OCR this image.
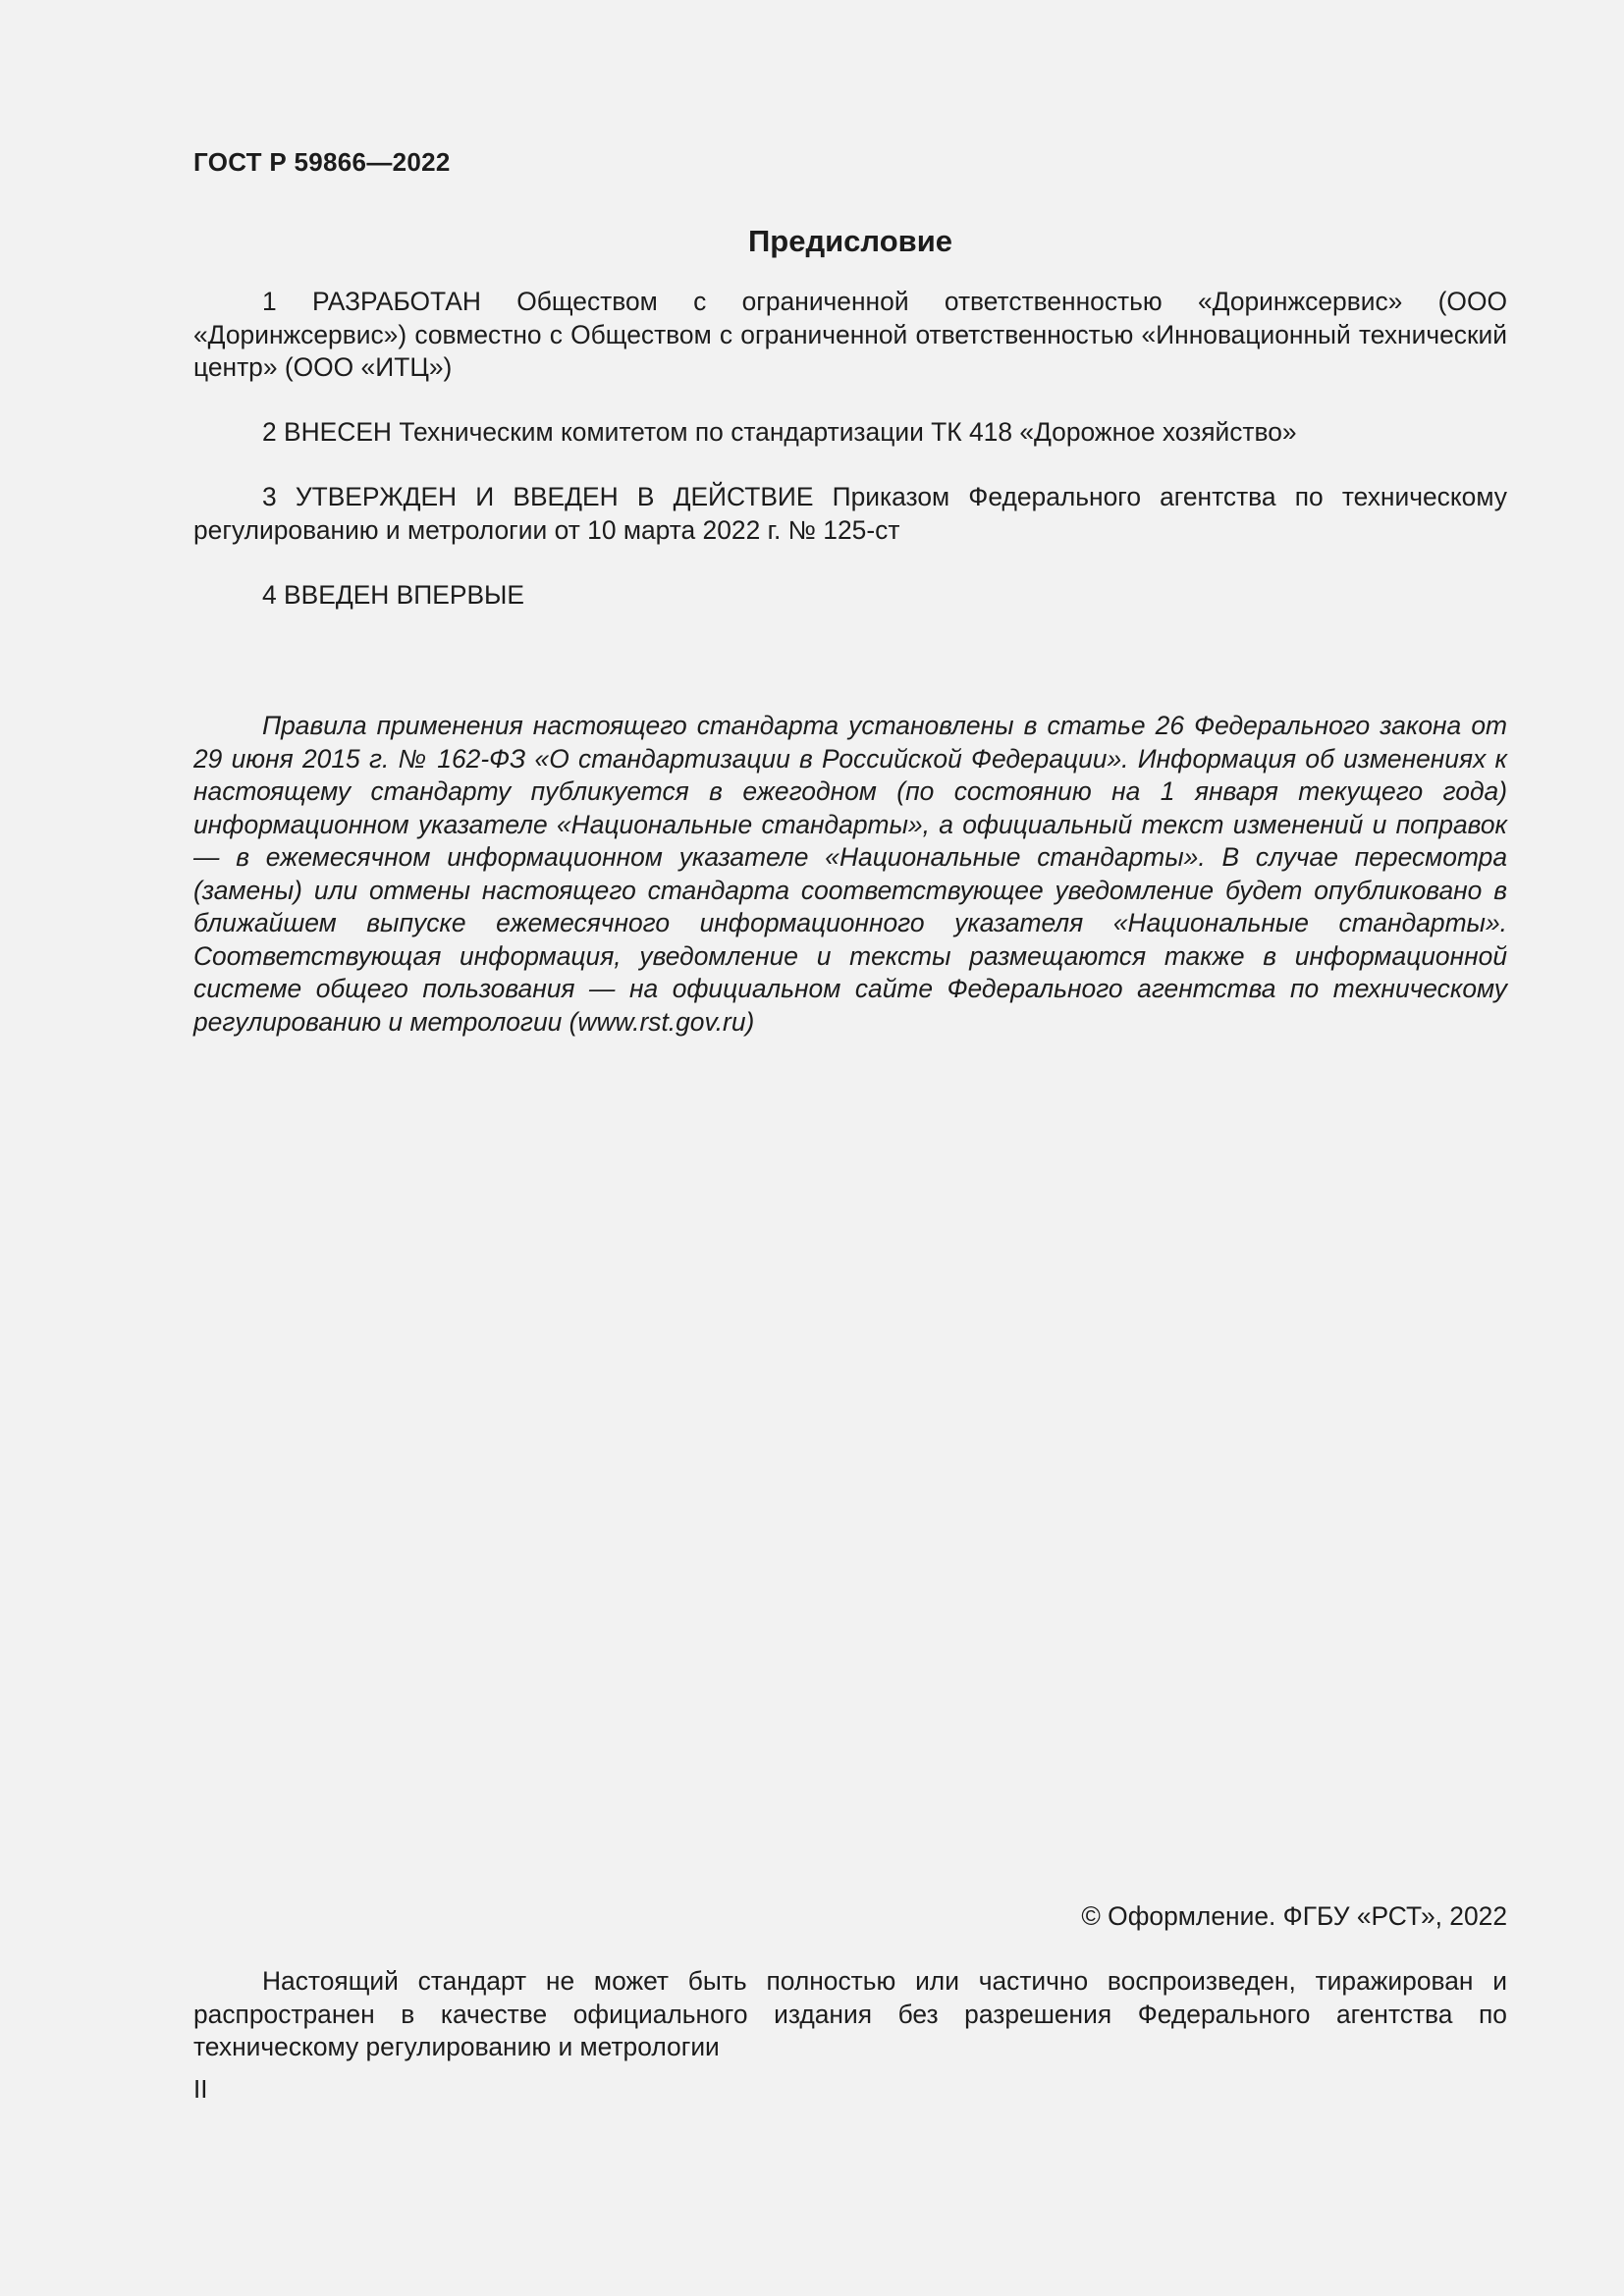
ГОСТ Р 59866—2022
Предисловие

1 РАЗРАБОТАН Обществом с ограниченной ответственностью «Доринжсервис» (ООО «Доринжсервис») совместно с Обществом с ограниченной ответственностью «Инновационный технический центр» (ООО «ИТЦ»)

2 ВНЕСЕН Техническим комитетом по стандартизации ТК 418 «Дорожное хозяйство»

3 УТВЕРЖДЕН И ВВЕДЕН В ДЕЙСТВИЕ Приказом Федерального агентства по техническому регулированию и метрологии от 10 марта 2022 г. № 125-ст

4 ВВЕДЕН ВПЕРВЫЕ

Правила применения настоящего стандарта установлены в статье 26 Федерального закона от 29 июня 2015 г. № 162-ФЗ «О стандартизации в Российской Федерации». Информация об изменениях к настоящему стандарту публикуется в ежегодном (по состоянию на 1 января текущего года) информационном указателе «Национальные стандарты», а официальный текст изменений и поправок — в ежемесячном информационном указателе «Национальные стандарты». В случае пересмотра (замены) или отмены настоящего стандарта соответствующее уведомление будет опубликовано в ближайшем выпуске ежемесячного информационного указателя «Национальные стандарты». Соответствующая информация, уведомление и тексты размещаются также в информационной системе общего пользования — на официальном сайте Федерального агентства по техническому регулированию и метрологии (www.rst.gov.ru)

© Оформление. ФГБУ «РСТ», 2022

Настоящий стандарт не может быть полностью или частично воспроизведен, тиражирован и распространен в качестве официального издания без разрешения Федерального агентства по техническому регулированию и метрологии

II
